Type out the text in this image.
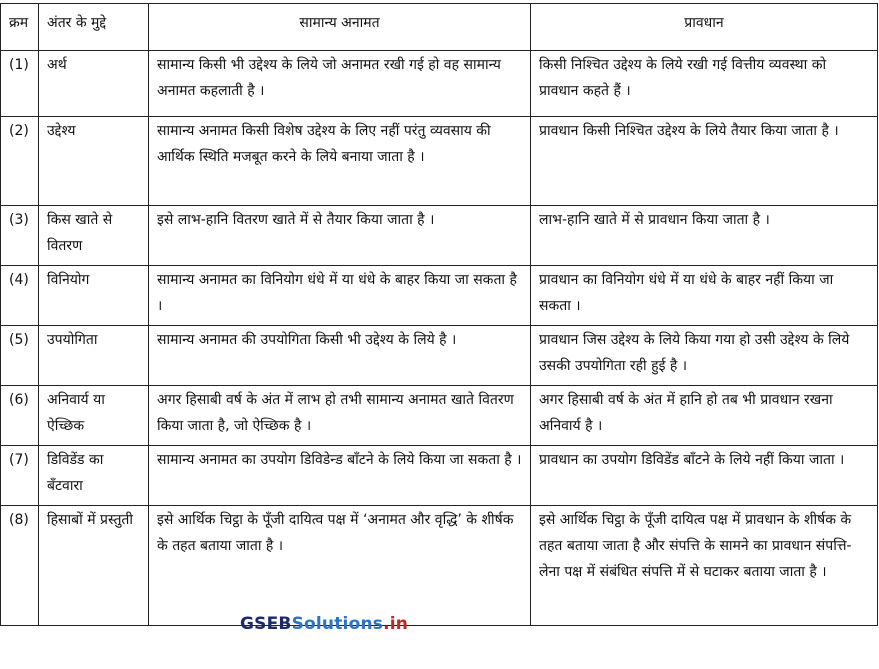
क्रम	अंतर के मुद्दे	सामान्य अनामत	प्रावधान
(1)	अर्थ	सामान्य किसी भी उद्देश्य के लिये जो अनामत रखी गई हो वह सामान्य अनामत कहलाती है ।	किसी निश्चित उद्देश्य के लिये रखी गई वित्तीय व्यवस्था को प्रावधान कहते हैं ।
(2)	उद्देश्य	सामान्य अनामत किसी विशेष उद्देश्य के लिए नहीं परंतु व्यवसाय की आर्थिक स्थिति मजबूत करने के लिये बनाया जाता है ।	प्रावधान किसी निश्चित उद्देश्य के लिये तैयार किया जाता है ।
(3)	किस खाते से वितरण	इसे लाभ-हानि वितरण खाते में से तैयार किया जाता है ।	लाभ-हानि खाते में से प्रावधान किया जाता है ।
(4)	विनियोग	सामान्य अनामत का विनियोग धंधे में या धंधे के बाहर किया जा सकता है ।	प्रावधान का विनियोग धंधे में या धंधे के बाहर नहीं किया जा सकता ।
(5)	उपयोगिता	सामान्य अनामत की उपयोगिता किसी भी उद्देश्य के लिये है ।	प्रावधान जिस उद्देश्य के लिये किया गया हो उसी उद्देश्य के लिये उसकी उपयोगिता रही हुई है ।
(6)	अनिवार्य या ऐच्छिक	अगर हिसाबी वर्ष के अंत में लाभ हो तभी सामान्य अनामत खाते वितरण किया जाता है, जो ऐच्छिक है ।	अगर हिसाबी वर्ष के अंत में हानि हो तब भी प्रावधान रखना अनिवार्य है ।
(7)	डिविडेंड का बँटवारा	सामान्य अनामत का उपयोग डिविडेन्ड बाँटने के लिये किया जा सकता है ।	प्रावधान का उपयोग डिविडेंड बाँटने के लिये नहीं किया जाता ।
(8)	हिसाबों में प्रस्तुती	इसे आर्थिक चिट्ठा के पूँजी दायित्व पक्ष में ‘अनामत और वृद्धि’ के शीर्षक के तहत बताया जाता है ।	इसे आर्थिक चिट्ठा के पूँजी दायित्व पक्ष में प्रावधान के शीर्षक के तहत बताया जाता है और संपत्ति के सामने का प्रावधान संपत्ति-लेना पक्ष में संबंधित संपत्ति में से घटाकर बताया जाता है ।
GSEBSolutions.in
